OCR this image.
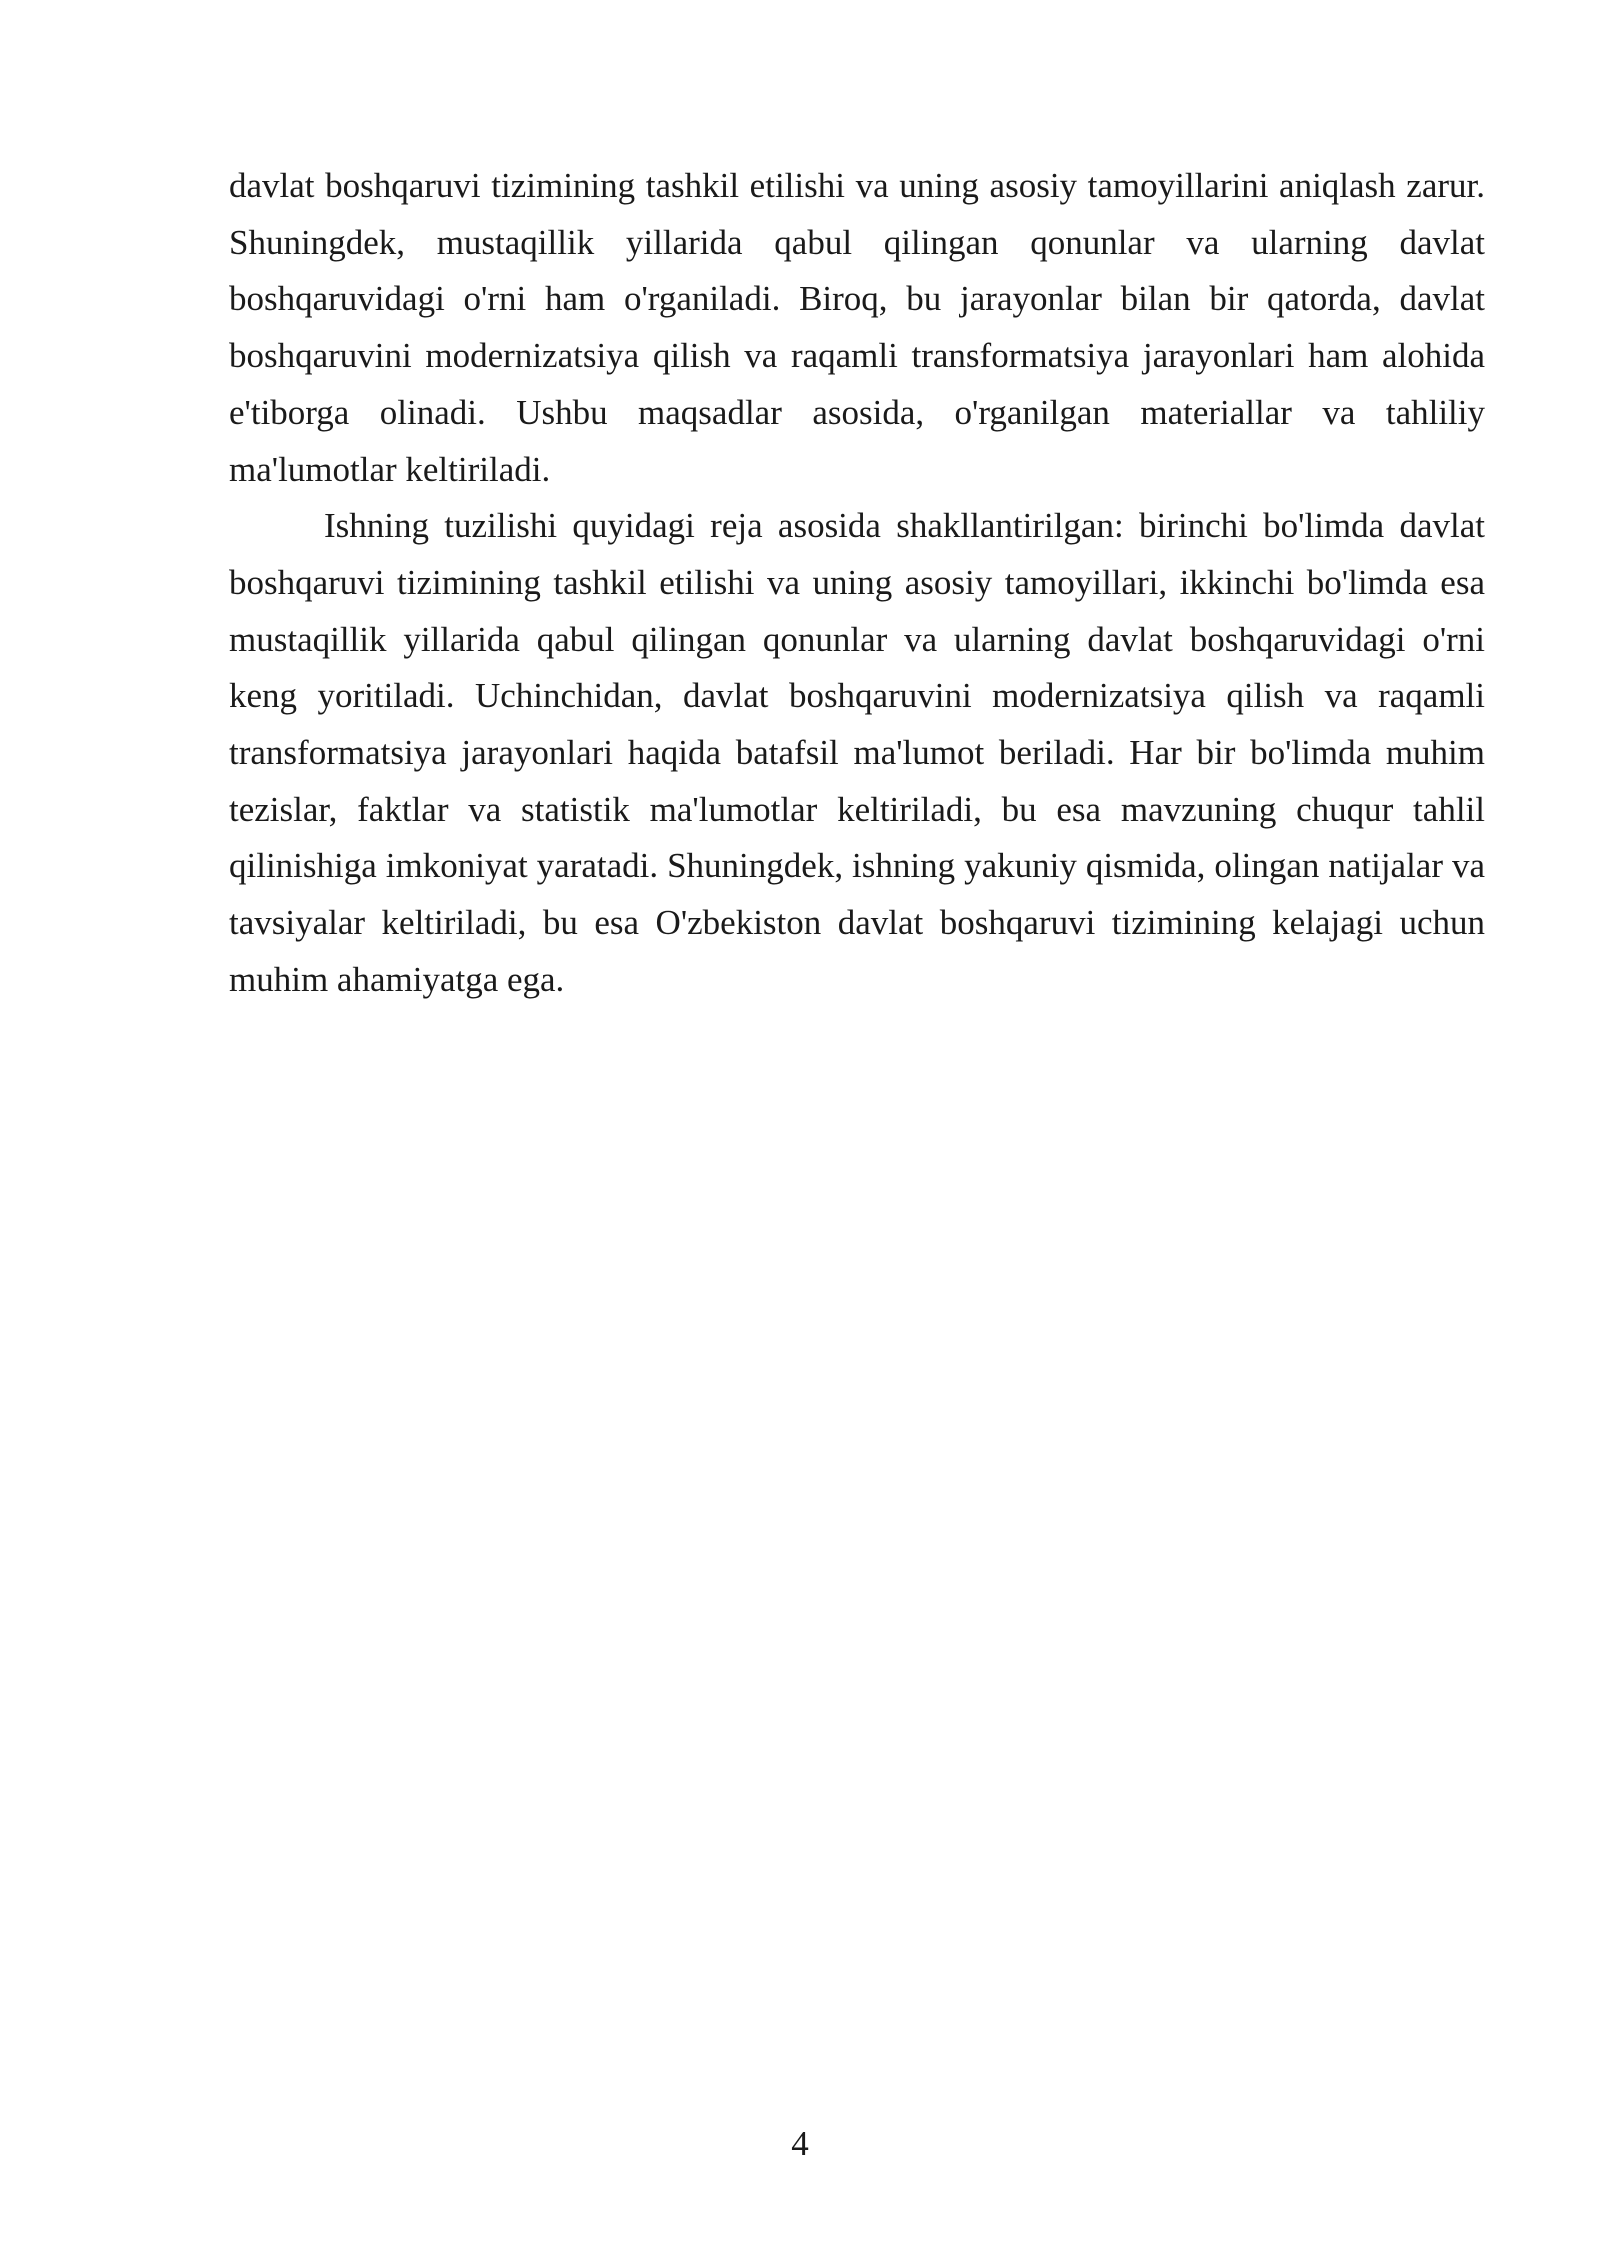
davlat boshqaruvi tizimining tashkil etilishi va uning asosiy tamoyillarini aniqlash zarur. Shuningdek, mustaqillik yillarida qabul qilingan qonunlar va ularning davlat boshqaruvidagi o'rni ham o'rganiladi. Biroq, bu jarayonlar bilan bir qatorda, davlat boshqaruvini modernizatsiya qilish va raqamli transformatsiya jarayonlari ham alohida e'tiborga olinadi. Ushbu maqsadlar asosida, o'rganilgan materiallar va tahliliy ma'lumotlar keltiriladi.

Ishning tuzilishi quyidagi reja asosida shakllantirilgan: birinchi bo'limda davlat boshqaruvi tizimining tashkil etilishi va uning asosiy tamoyillari, ikkinchi bo'limda esa mustaqillik yillarida qabul qilingan qonunlar va ularning davlat boshqaruvidagi o'rni keng yoritiladi. Uchinchidan, davlat boshqaruvini modernizatsiya qilish va raqamli transformatsiya jarayonlari haqida batafsil ma'lumot beriladi. Har bir bo'limda muhim tezislar, faktlar va statistik ma'lumotlar keltiriladi, bu esa mavzuning chuqur tahlil qilinishiga imkoniyat yaratadi. Shuningdek, ishning yakuniy qismida, olingan natijalar va tavsiyalar keltiriladi, bu esa O'zbekiston davlat boshqaruvi tizimining kelajagi uchun muhim ahamiyatga ega.

4
